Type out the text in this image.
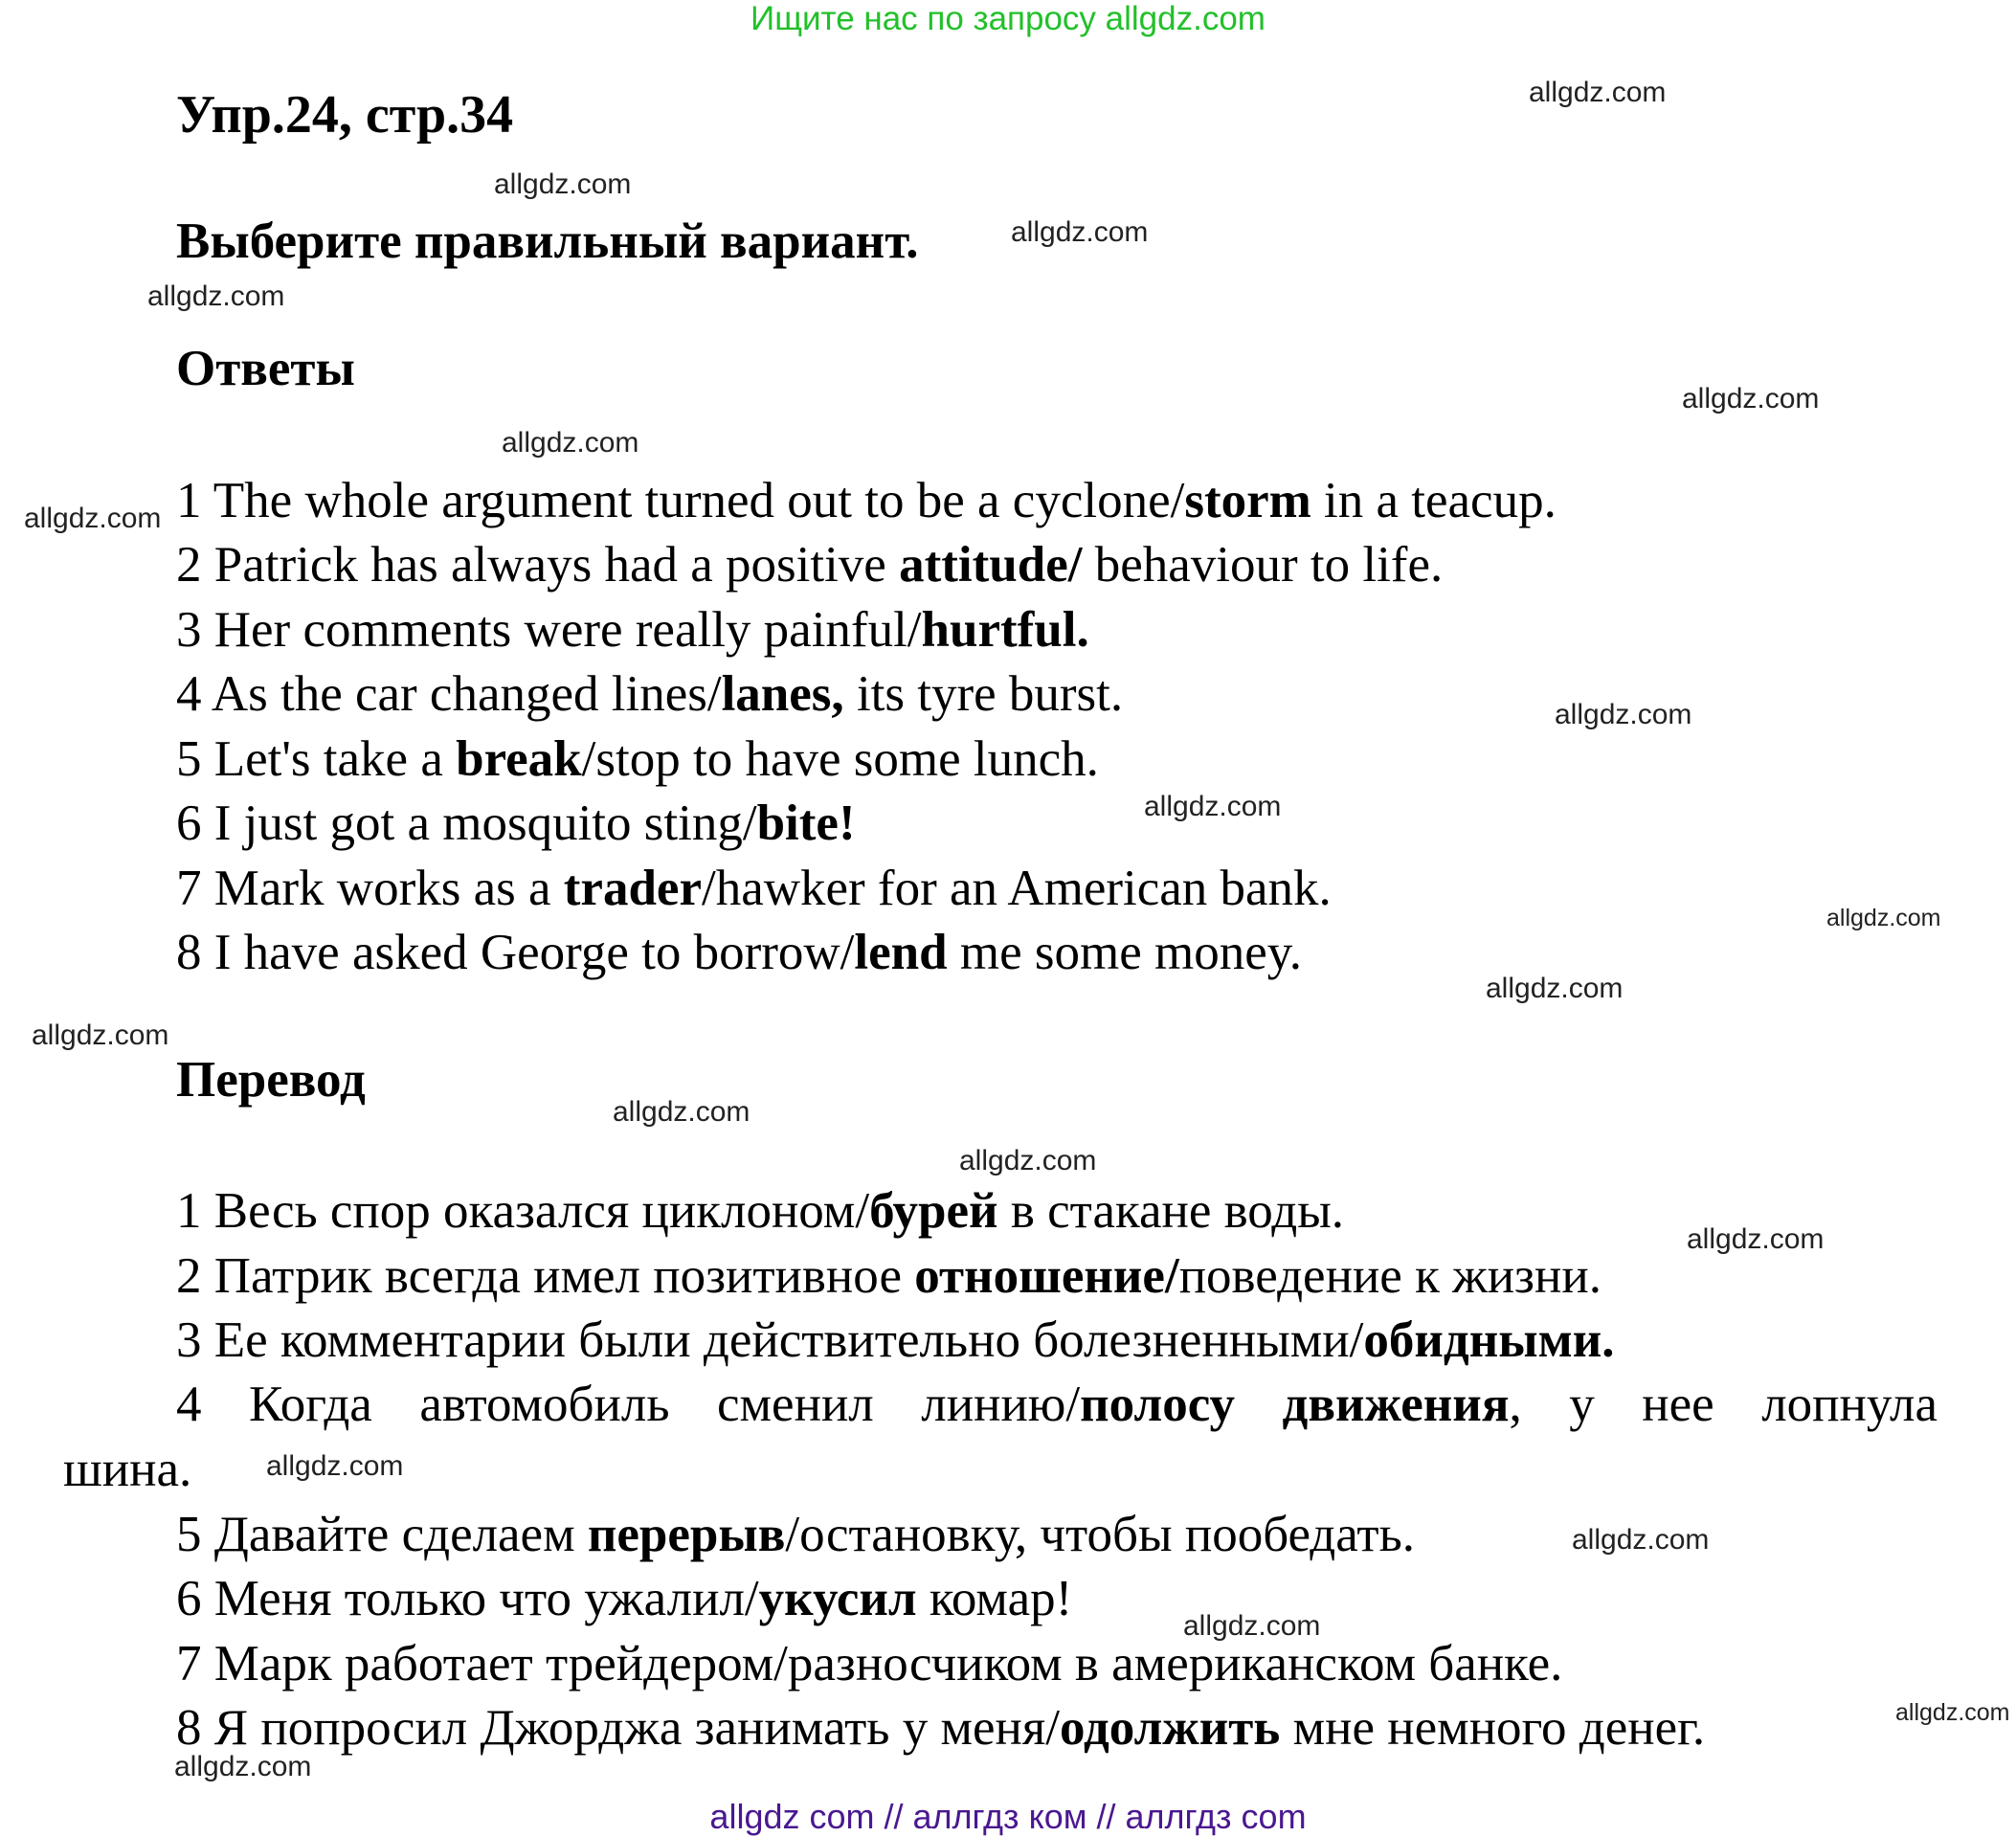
Ищите нас по запросу allgdz.com
Упр.24, стр.34
Выберите правильный вариант.
Ответы
1 The whole argument turned out to be a cyclone/storm in a teacup.
2 Patrick has always had a positive attitude/ behaviour to life.
3 Her comments were really painful/hurtful.
4 As the car changed lines/lanes, its tyre burst.
5 Let's take a break/stop to have some lunch.
6 I just got a mosquito sting/bite!
7 Mark works as a trader/hawker for an American bank.
8 I have asked George to borrow/lend me some money.
Перевод
1 Весь спор оказался циклоном/бурей в стакане воды.
2 Патрик всегда имел позитивное отношение/поведение к жизни.
3 Ее комментарии были действительно болезненными/обидными.
4 Когда автомобиль сменил линию/полосу движения, у нее лопнула
шина.
5 Давайте сделаем перерыв/остановку, чтобы пообедать.
6 Меня только что ужалил/укусил комар!
7 Марк работает трейдером/разносчиком в американском банке.
8 Я попросил Джорджа занимать у меня/одолжить мне немного денег.
allgdz.com
allgdz.com
allgdz.com
allgdz.com
allgdz.com
allgdz.com
allgdz.com
allgdz.com
allgdz.com
allgdz.com
allgdz.com
allgdz.com
allgdz.com
allgdz.com
allgdz.com
allgdz.com
allgdz.com
allgdz.com
allgdz.com
allgdz.com
allgdz com // аллгдз ком // аллгдз com
